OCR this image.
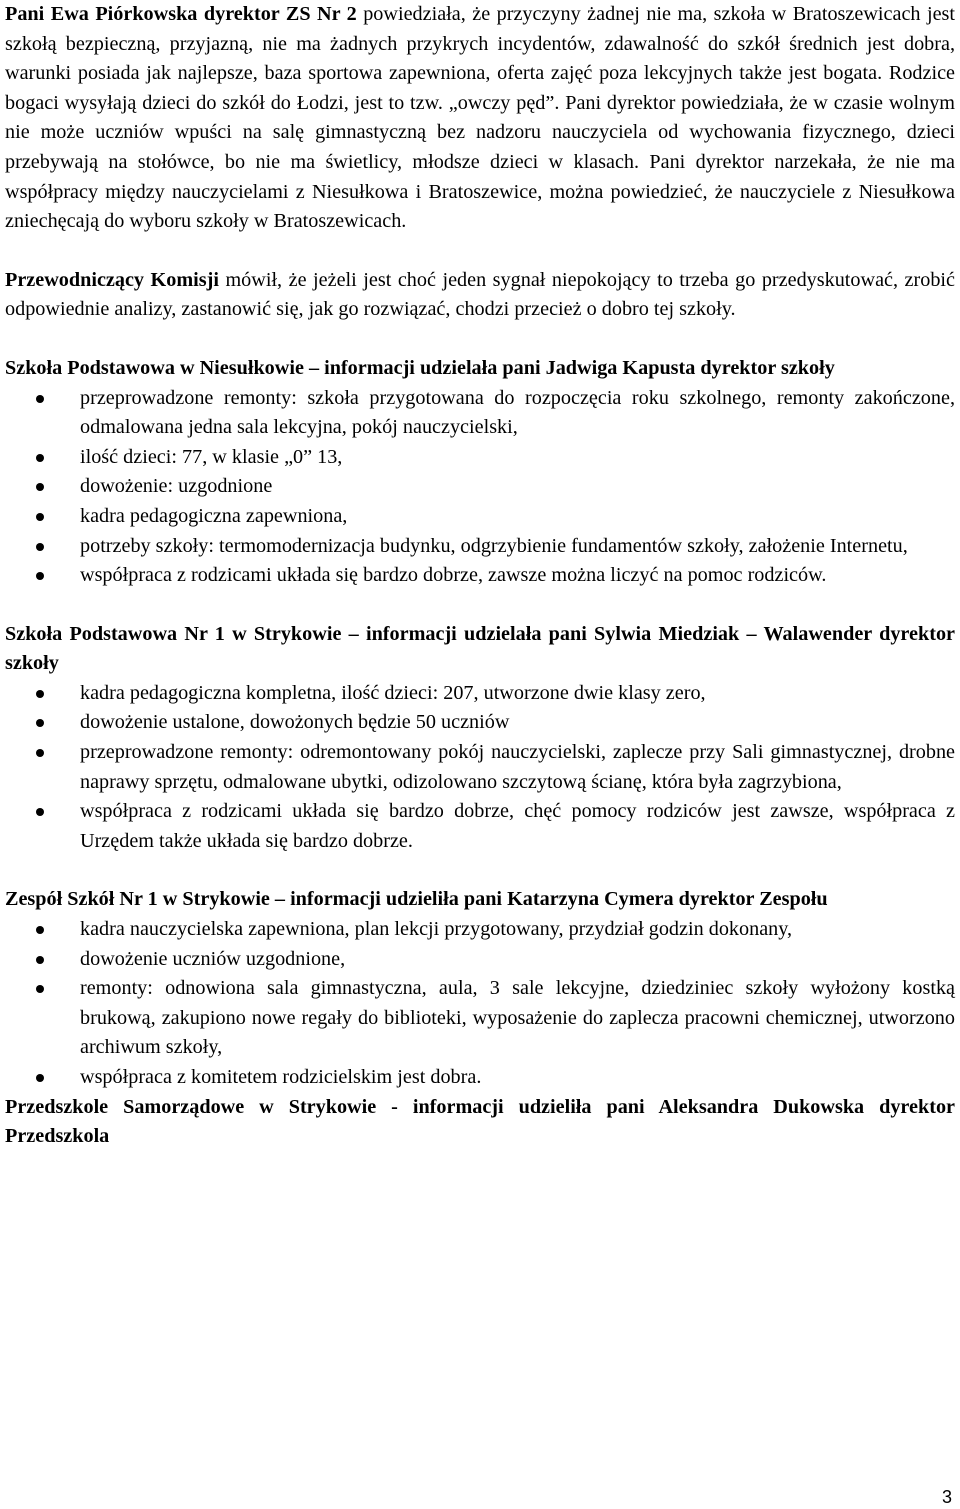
Pani Ewa Piórkowska dyrektor ZS Nr 2 powiedziała, że przyczyny żadnej nie ma, szkoła w Bratoszewicach jest szkołą bezpieczną, przyjazną, nie ma żadnych przykrych incydentów, zdawalność do szkół średnich jest dobra, warunki posiada jak najlepsze, baza sportowa zapewniona, oferta zajęć poza lekcyjnych także jest bogata. Rodzice bogaci wysyłają dzieci do szkół do Łodzi, jest to tzw. „owczy pęd”. Pani dyrektor powiedziała, że w czasie wolnym nie może uczniów wpuści na salę gimnastyczną bez nadzoru nauczyciela od wychowania fizycznego, dzieci przebywają na stołówce, bo nie ma świetlicy, młodsze dzieci w klasach. Pani dyrektor narzekała, że nie ma współpracy między nauczycielami z Niesułkowa i Bratoszewice, można powiedzieć, że nauczyciele z Niesułkowa zniechęcają do wyboru szkoły w Bratoszewicach.

Przewodniczący Komisji mówił, że jeżeli jest choć jeden sygnał niepokojący to trzeba go przedyskutować, zrobić odpowiednie analizy, zastanowić się, jak go rozwiązać, chodzi przecież o dobro tej szkoły.

Szkoła Podstawowa w Niesułkowie – informacji udzielała pani Jadwiga Kapusta dyrektor szkoły
przeprowadzone remonty: szkoła przygotowana do rozpoczęcia roku szkolnego, remonty zakończone, odmalowana jedna sala lekcyjna, pokój nauczycielski,
ilość dzieci: 77, w klasie „0” 13,
dowożenie: uzgodnione
kadra pedagogiczna zapewniona,
potrzeby szkoły: termomodernizacja budynku, odgrzybienie fundamentów szkoły, założenie Internetu,
współpraca z rodzicami układa się bardzo dobrze, zawsze można liczyć na pomoc rodziców.
Szkoła Podstawowa Nr 1 w Strykowie – informacji udzielała pani Sylwia Miedziak – Walawender dyrektor szkoły
kadra pedagogiczna kompletna, ilość dzieci: 207, utworzone dwie klasy zero,
dowożenie ustalone, dowożonych będzie 50 uczniów
przeprowadzone remonty: odremontowany pokój nauczycielski, zaplecze przy Sali gimnastycznej, drobne naprawy sprzętu, odmalowane ubytki, odizolowano szczytową ścianę, która była zagrzybiona,
współpraca z rodzicami układa się bardzo dobrze, chęć pomocy rodziców jest zawsze, współpraca z Urzędem także układa się bardzo dobrze.
Zespół Szkół Nr 1 w Strykowie – informacji udzieliła pani Katarzyna Cymera dyrektor Zespołu
kadra nauczycielska zapewniona, plan lekcji przygotowany, przydział godzin dokonany,
dowożenie uczniów uzgodnione,
remonty: odnowiona sala gimnastyczna, aula, 3 sale lekcyjne, dziedziniec szkoły wyłożony kostką brukową, zakupiono nowe regały do biblioteki, wyposażenie do zaplecza pracowni chemicznej, utworzono archiwum szkoły,
współpraca z komitetem rodzicielskim jest dobra.
Przedszkole Samorządowe w Strykowie - informacji udzieliła pani Aleksandra Dukowska dyrektor Przedszkola
3
